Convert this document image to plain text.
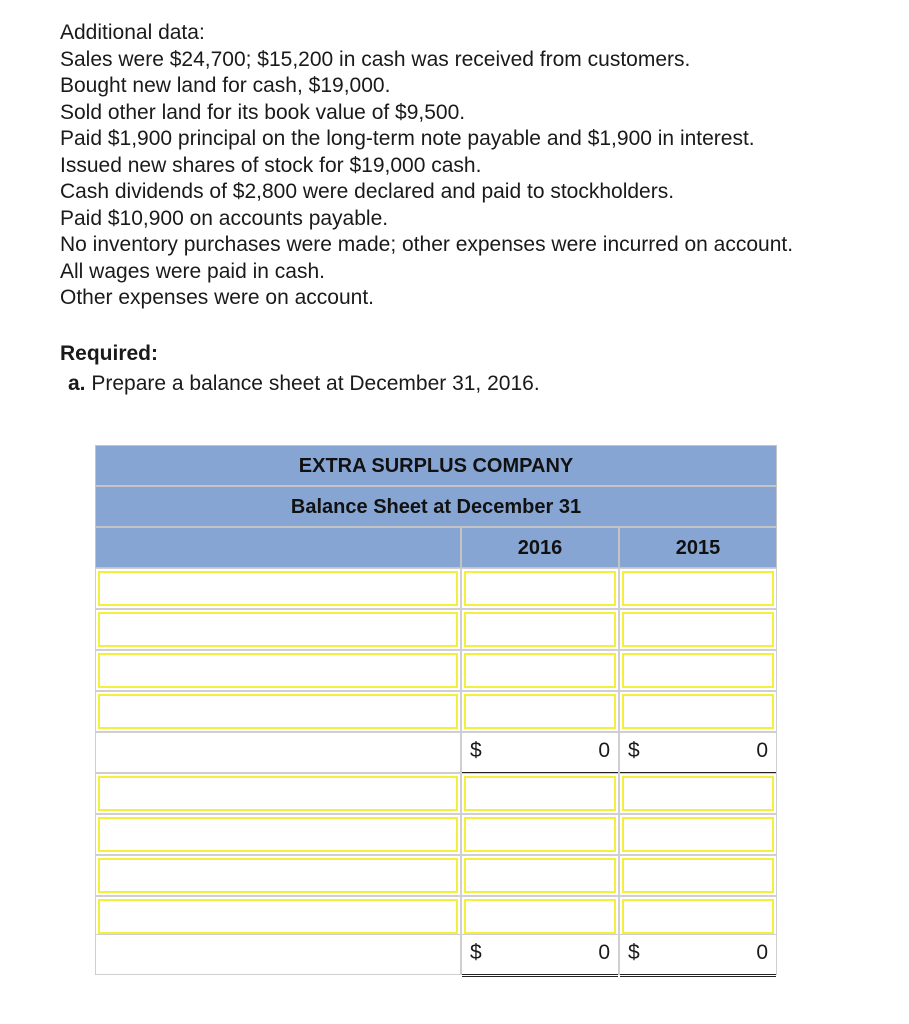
Additional data:
Sales were $24,700; $15,200 in cash was received from customers.
Bought new land for cash, $19,000.
Sold other land for its book value of $9,500.
Paid $1,900 principal on the long-term note payable and $1,900 in interest.
Issued new shares of stock for $19,000 cash.
Cash dividends of $2,800 were declared and paid to stockholders.
Paid $10,900 on accounts payable.
No inventory purchases were made; other expenses were incurred on account.
All wages were paid in cash.
Other expenses were on account.
Required:
a. Prepare a balance sheet at December 31, 2016.
EXTRA SURPLUS COMPANY
Balance Sheet at December 31
2016	2015
$	0 $	0
$	0 $	0
